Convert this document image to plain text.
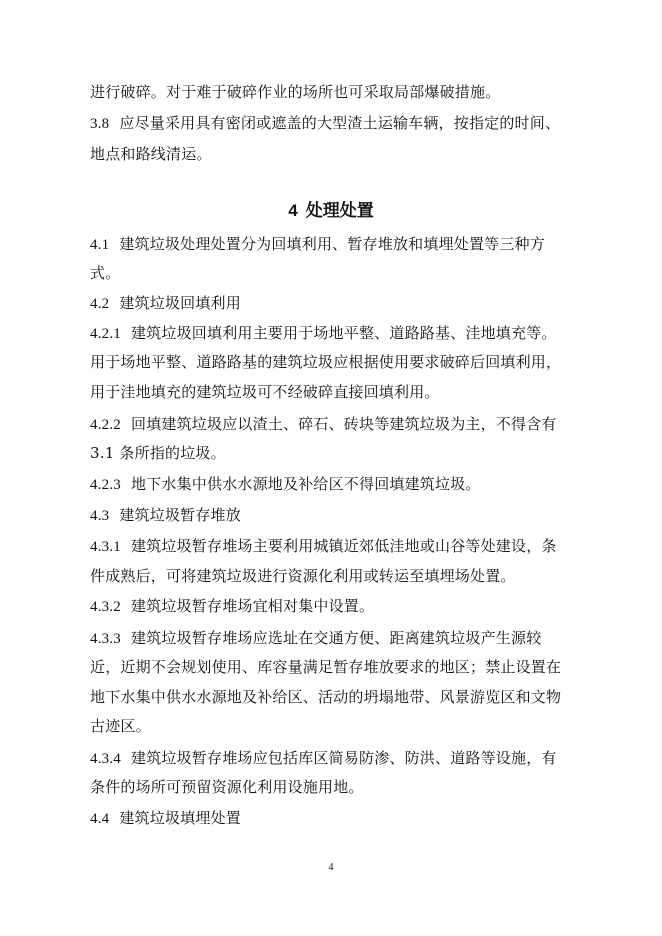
进行破碎。对于难于破碎作业的场所也可采取局部爆破措施。
3.8 应尽量采用具有密闭或遮盖的大型渣土运输车辆，按指定的时间、
地点和路线清运。
4 处理处置
4.1 建筑垃圾处理处置分为回填利用、暂存堆放和填埋处置等三种方
式。
4.2 建筑垃圾回填利用
4.2.1 建筑垃圾回填利用主要用于场地平整、道路路基、洼地填充等。
用于场地平整、道路路基的建筑垃圾应根据使用要求破碎后回填利用，
用于洼地填充的建筑垃圾可不经破碎直接回填利用。
4.2.2 回填建筑垃圾应以渣土、碎石、砖块等建筑垃圾为主，不得含有
3.1 条所指的垃圾。
4.2.3 地下水集中供水水源地及补给区不得回填建筑垃圾。
4.3 建筑垃圾暂存堆放
4.3.1 建筑垃圾暂存堆场主要利用城镇近郊低洼地或山谷等处建设，条
件成熟后，可将建筑垃圾进行资源化利用或转运至填埋场处置。
4.3.2 建筑垃圾暂存堆场宜相对集中设置。
4.3.3 建筑垃圾暂存堆场应选址在交通方便、距离建筑垃圾产生源较
近，近期不会规划使用、库容量满足暂存堆放要求的地区；禁止设置在
地下水集中供水水源地及补给区、活动的坍塌地带、风景游览区和文物
古迹区。
4.3.4 建筑垃圾暂存堆场应包括库区简易防渗、防洪、道路等设施，有
条件的场所可预留资源化利用设施用地。
4.4 建筑垃圾填埋处置
4
